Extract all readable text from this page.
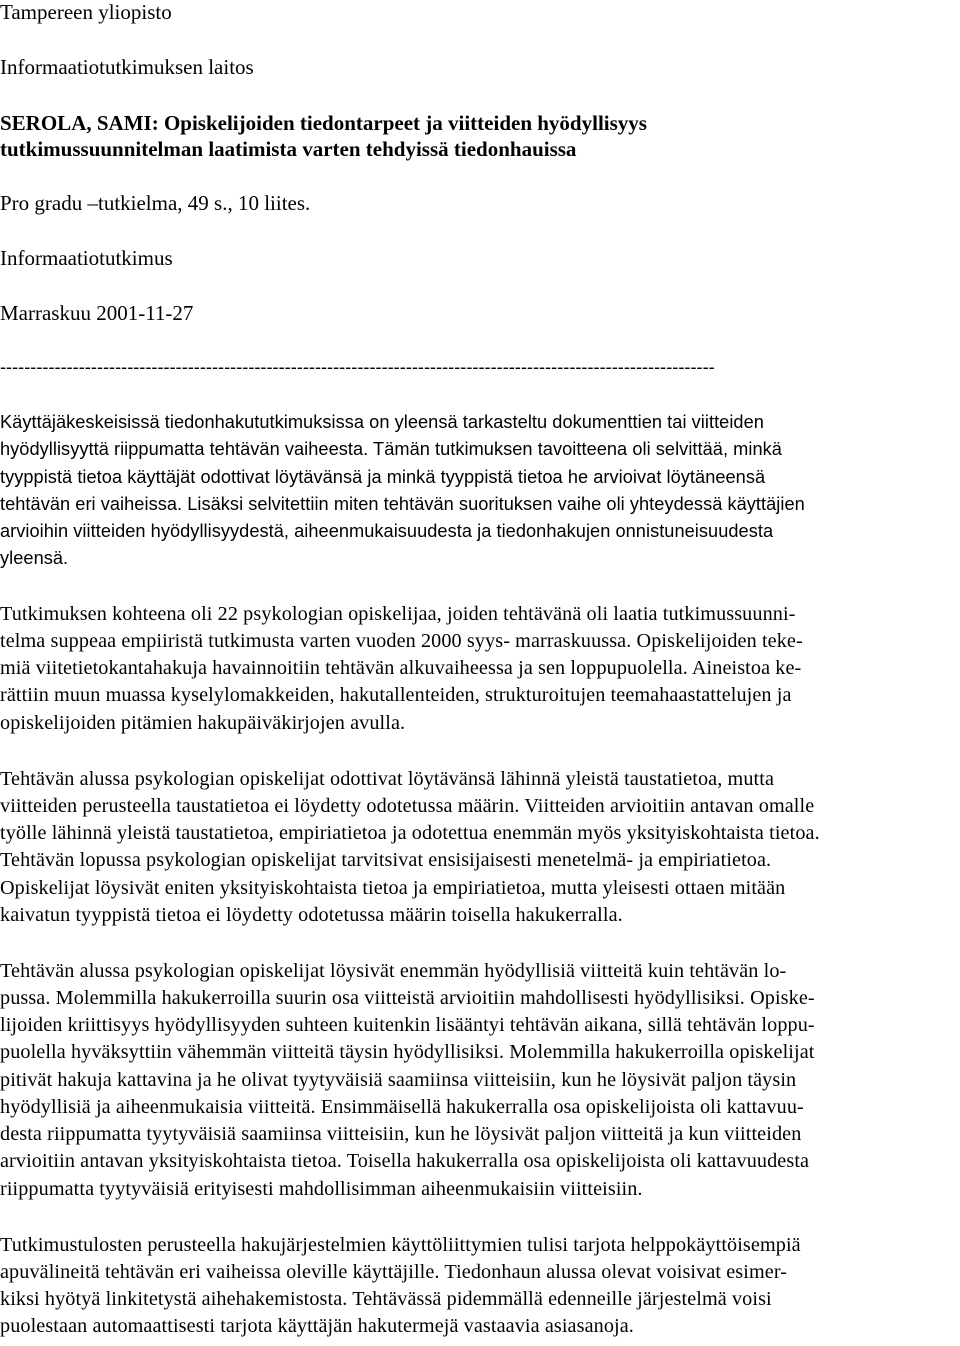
Tampereen yliopisto
Informaatiotutkimuksen laitos
SEROLA, SAMI: Opiskelijoiden tiedontarpeet ja viitteiden hyödyllisyys
tutkimussuunnitelman laatimista varten tehdyissä tiedonhauissa
Pro gradu –tutkielma, 49 s., 10 liites.
Informaatiotutkimus
Marraskuu 2001-11-27
----------------------------------------------------------------------------------------------------------------------
Käyttäjäkeskeisissä tiedonhakututkimuksissa on yleensä tarkasteltu dokumenttien tai viitteiden
hyödyllisyyttä riippumatta tehtävän vaiheesta. Tämän tutkimuksen tavoitteena oli selvittää, minkä
tyyppistä tietoa käyttäjät odottivat löytävänsä ja minkä tyyppistä tietoa he arvioivat löytäneensä
tehtävän eri vaiheissa. Lisäksi selvitettiin miten tehtävän suorituksen vaihe oli yhteydessä käyttäjien
arvioihin viitteiden hyödyllisyydestä, aiheenmukaisuudesta ja tiedonhakujen onnistuneisuudesta
yleensä.
Tutkimuksen kohteena oli 22 psykologian opiskelijaa, joiden tehtävänä oli laatia tutkimussuunni-
telma suppeaa empiiristä tutkimusta varten vuoden 2000 syys- marraskuussa. Opiskelijoiden teke-
miä viitetietokantahakuja havainnoitiin tehtävän alkuvaiheessa ja sen loppupuolella. Aineistoa ke-
rättiin muun muassa kyselylomakkeiden, hakutallenteiden, strukturoitujen teemahaastattelujen ja
opiskelijoiden pitämien hakupäiväkirjojen avulla.
Tehtävän alussa psykologian opiskelijat odottivat löytävänsä lähinnä yleistä taustatietoa, mutta
viitteiden perusteella taustatietoa ei löydetty odotetussa määrin. Viitteiden arvioitiin antavan omalle
työlle lähinnä yleistä taustatietoa, empiriatietoa ja odotettua enemmän myös yksityiskohtaista tietoa.
Tehtävän lopussa psykologian opiskelijat tarvitsivat ensisijaisesti menetelmä- ja empiriatietoa.
Opiskelijat löysivät eniten yksityiskohtaista tietoa ja empiriatietoa, mutta yleisesti ottaen mitään
kaivatun tyyppistä tietoa ei löydetty odotetussa määrin toisella hakukerralla.
Tehtävän alussa psykologian opiskelijat löysivät enemmän hyödyllisiä viitteitä kuin tehtävän lo-
pussa. Molemmilla hakukerroilla suurin osa viitteistä arvioitiin mahdollisesti hyödyllisiksi. Opiske-
lijoiden kriittisyys hyödyllisyyden suhteen kuitenkin lisääntyi tehtävän aikana, sillä tehtävän loppu-
puolella hyväksyttiin vähemmän viitteitä täysin hyödyllisiksi. Molemmilla hakukerroilla opiskelijat
pitivät hakuja kattavina ja he olivat tyytyväisiä saamiinsa viitteisiin, kun he löysivät paljon täysin
hyödyllisiä ja aiheenmukaisia viitteitä. Ensimmäisellä hakukerralla osa opiskelijoista oli kattavuu-
desta riippumatta tyytyväisiä saamiinsa viitteisiin, kun he löysivät paljon viitteitä ja kun viitteiden
arvioitiin antavan yksityiskohtaista tietoa. Toisella hakukerralla osa opiskelijoista oli kattavuudesta
riippumatta tyytyväisiä erityisesti mahdollisimman aiheenmukaisiin viitteisiin.
Tutkimustulosten perusteella hakujärjestelmien käyttöliittymien tulisi tarjota helppokäyttöisempiä
apuvälineitä tehtävän eri vaiheissa oleville käyttäjille. Tiedonhaun alussa olevat voisivat esimer-
kiksi hyötyä linkitetystä aihehakemistosta. Tehtävässä pidemmällä edenneille järjestelmä voisi
puolestaan automaattisesti tarjota käyttäjän hakutermejä vastaavia asiasanoja.
